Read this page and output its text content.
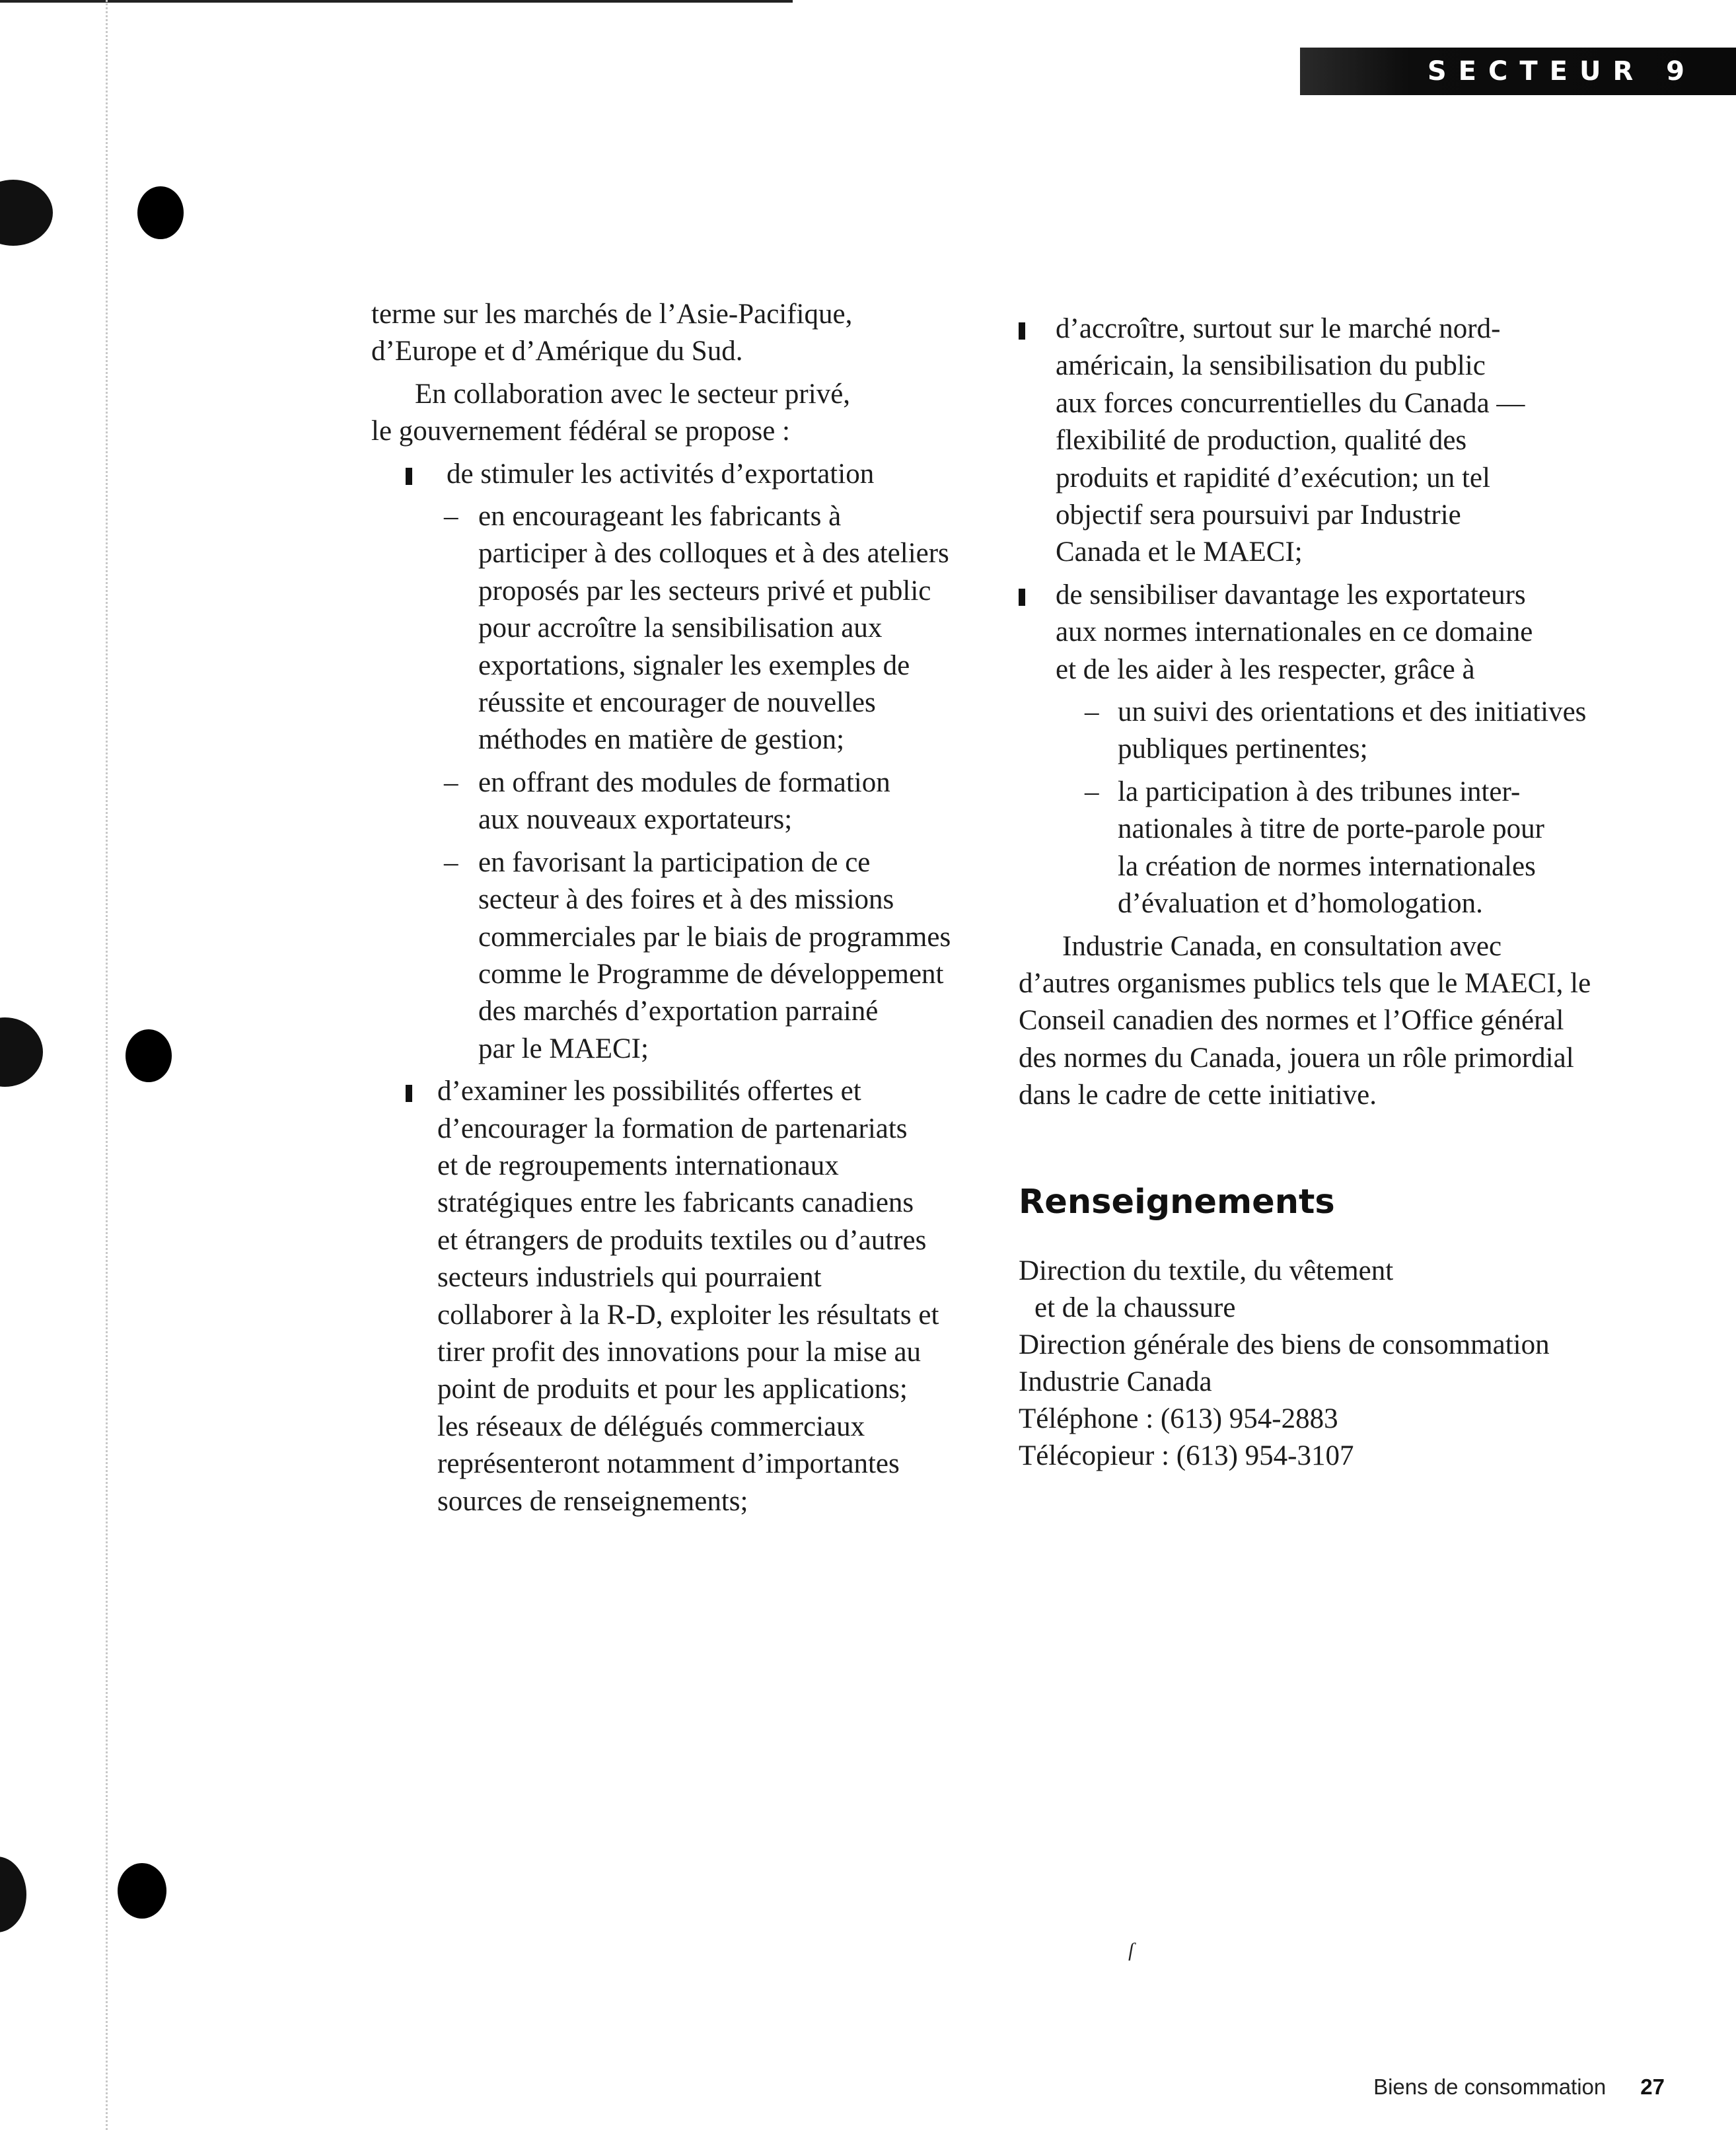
SECTEUR 9

terme sur les marchés de l’Asie-Pacifique,
d’Europe et d’Amérique du Sud.

En collaboration avec le secteur privé,
le gouvernement fédéral se propose :

de stimuler les activités d’exportation
– en encourageant les fabricants à
participer à des colloques et à des ateliers
proposés par les secteurs privé et public
pour accroître la sensibilisation aux
exportations, signaler les exemples de
réussite et encourager de nouvelles
méthodes en matière de gestion;
– en offrant des modules de formation
aux nouveaux exportateurs;
– en favorisant la participation de ce
secteur à des foires et à des missions
commerciales par le biais de programmes
comme le Programme de développement
des marchés d’exportation parrainé
par le MAECI;
d’examiner les possibilités offertes et
d’encourager la formation de partenariats
et de regroupements internationaux
stratégiques entre les fabricants canadiens
et étrangers de produits textiles ou d’autres
secteurs industriels qui pourraient
collaborer à la R-D, exploiter les résultats et
tirer profit des innovations pour la mise au
point de produits et pour les applications;
les réseaux de délégués commerciaux
représenteront notamment d’importantes
sources de renseignements;
d’accroître, surtout sur le marché nord-
américain, la sensibilisation du public
aux forces concurrentielles du Canada —
flexibilité de production, qualité des
produits et rapidité d’exécution; un tel
objectif sera poursuivi par Industrie
Canada et le MAECI;
de sensibiliser davantage les exportateurs
aux normes internationales en ce domaine
et de les aider à les respecter, grâce à
– un suivi des orientations et des initiatives
publiques pertinentes;
– la participation à des tribunes inter-
nationales à titre de porte-parole pour
la création de normes internationales
d’évaluation et d’homologation.

Industrie Canada, en consultation avec
d’autres organismes publics tels que le MAECI, le
Conseil canadien des normes et l’Office général
des normes du Canada, jouera un rôle primordial
dans le cadre de cette initiative.

Renseignements
Direction du textile, du vêtement
et de la chaussure
Direction générale des biens de consommation
Industrie Canada
Téléphone : (613) 954-2883
Télécopieur : (613) 954-3107
ſ
Biens de consommation 27
